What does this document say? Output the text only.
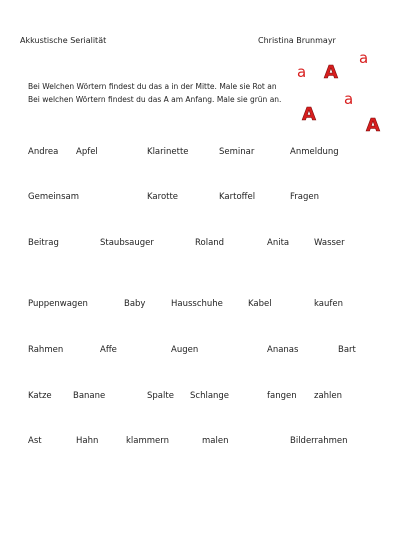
Akkustische Serialität	Christina Brunmayr
Bei Welchen Wörtern findest du das a in der Mitte. Male sie Rot an
Bei welchen Wörtern findest du das A am Anfang. Male sie grün an.
a
a A
a
A
A
Andrea Apfel	Klarinette	Seminar	Anmeldung
Gemeinsam	Karotte	Kartoffel	Fragen
Beitrag	Staubsauger	Roland	Anita	Wasser
Puppenwagen	Baby	Hausschuhe	Kabel	kaufen
Rahmen	Affe	Augen	Ananas	Bart
Katze	Banane	Spalte Schlange	fangen zahlen
Ast	Hahn	klammern	malen	Bilderrahmen
